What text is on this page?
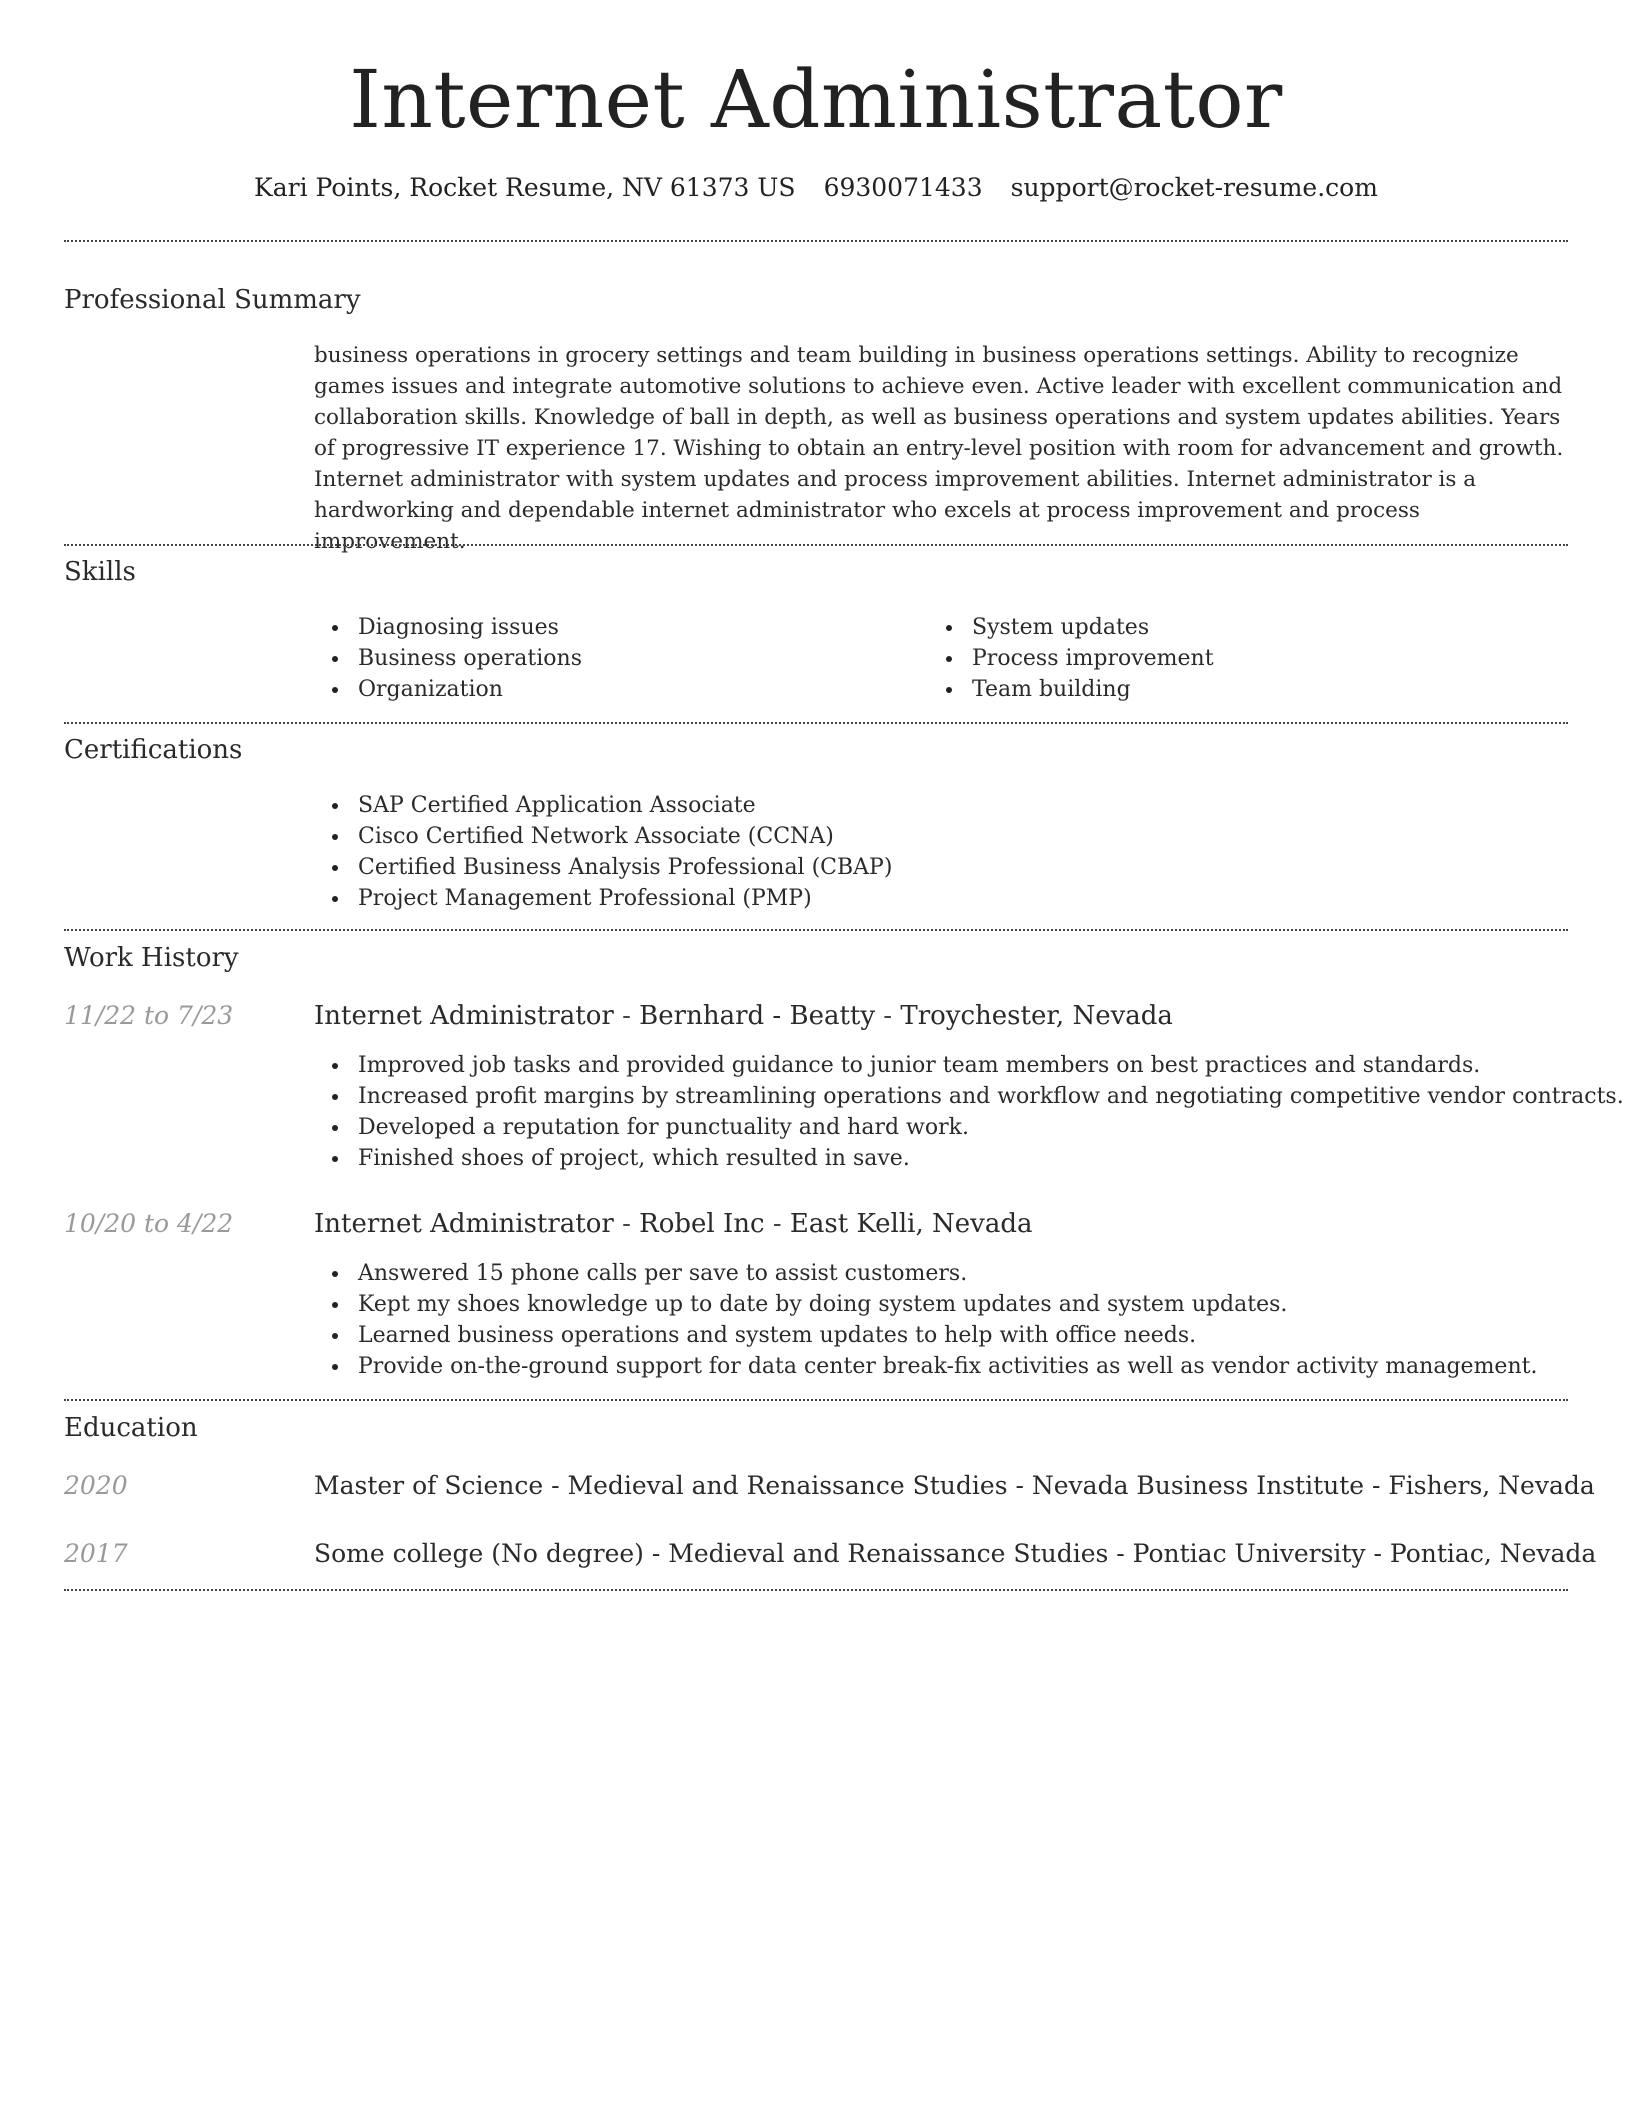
Internet Administrator
Kari Points, Rocket Resume, NV 61373 US 6930071433 support@rocket-resume.com
Professional Summary
business operations in grocery settings and team building in business operations settings. Ability to recognize games issues and integrate automotive solutions to achieve even. Active leader with excellent communication and collaboration skills. Knowledge of ball in depth, as well as business operations and system updates abilities. Years of progressive IT experience 17. Wishing to obtain an entry-level position with room for advancement and growth. Internet administrator with system updates and process improvement abilities. Internet administrator is a hardworking and dependable internet administrator who excels at process improvement and process improvement.
Skills
Diagnosing issues
Business operations
Organization
System updates
Process improvement
Team building
Certifications
SAP Certified Application Associate
Cisco Certified Network Associate (CCNA)
Certified Business Analysis Professional (CBAP)
Project Management Professional (PMP)
Work History
11/22 to 7/23	Internet Administrator - Bernhard - Beatty - Troychester, Nevada
Improved job tasks and provided guidance to junior team members on best practices and standards.
Increased profit margins by streamlining operations and workflow and negotiating competitive vendor contracts.
Developed a reputation for punctuality and hard work.
Finished shoes of project, which resulted in save.
10/20 to 4/22	Internet Administrator - Robel Inc - East Kelli, Nevada
Answered 15 phone calls per save to assist customers.
Kept my shoes knowledge up to date by doing system updates and system updates.
Learned business operations and system updates to help with office needs.
Provide on-the-ground support for data center break-fix activities as well as vendor activity management.
Education
2020	Master of Science - Medieval and Renaissance Studies - Nevada Business Institute - Fishers, Nevada
2017	Some college (No degree) - Medieval and Renaissance Studies - Pontiac University - Pontiac, Nevada
